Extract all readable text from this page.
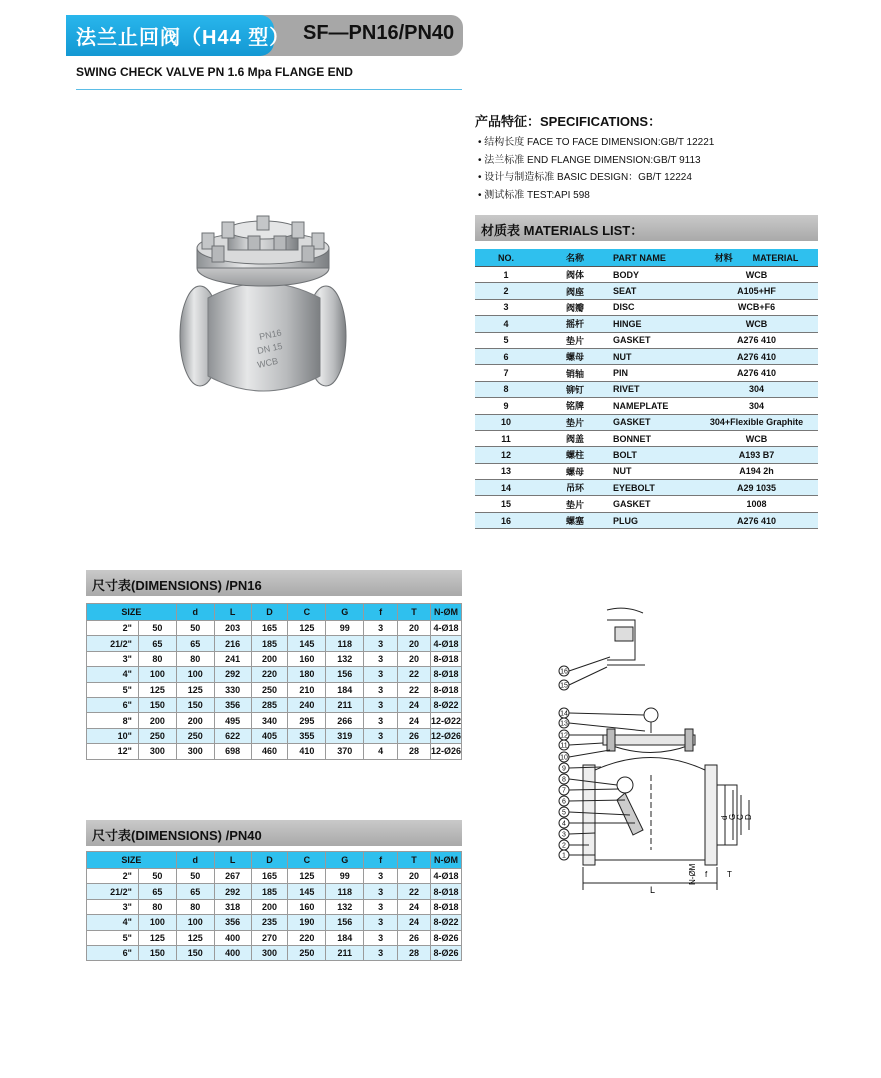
法兰止回阀（H44 型） SF—PN16/PN40
SWING CHECK VALVE PN 1.6 Mpa FLANGE END
PN16
DN 15
WCB
产品特征：SPECIFICATIONS：
• 结构长度 FACE TO FACE DIMENSION:GB/T 12221
• 法兰标准 END FLANGE DIMENSION:GB/T 9113
• 设计与制造标准 BASIC DESIGN：GB/T 12224
• 测试标准 TEST:API 598
材质表 MATERIALS LIST：
NO.	名称	PART NAME	材料 MATERIAL
1	阀体	BODY	WCB
2	阀座	SEAT	A105+HF
3	阀瓣	DISC	WCB+F6
4	摇杆	HINGE	WCB
5	垫片	GASKET	A276 410
6	螺母	NUT	A276 410
7	销轴	PIN	A276 410
8	铆钉	RIVET	304
9	铭牌	NAMEPLATE	304
10	垫片	GASKET	304+Flexible Graphite
11	阀盖	BONNET	WCB
12	螺柱	BOLT	A193 B7
13	螺母	NUT	A194 2h
14	吊环	EYEBOLT	A29 1035
15	垫片	GASKET	1008
16	螺塞	PLUG	A276 410
尺寸表(DIMENSIONS) /PN16
SIZE		d	L	D	C	G	f	T	N-ØM
2"	50	50	203	165	125	99	3	20	4-Ø18
21/2"	65	65	216	185	145	118	3	20	4-Ø18
3"	80	80	241	200	160	132	3	20	8-Ø18
4"	100	100	292	220	180	156	3	22	8-Ø18
5"	125	125	330	250	210	184	3	22	8-Ø18
6"	150	150	356	285	240	211	3	24	8-Ø22
8"	200	200	495	340	295	266	3	24	12-Ø22
10"	250	250	622	405	355	319	3	26	12-Ø26
12"	300	300	698	460	410	370	4	28	12-Ø26
尺寸表(DIMENSIONS) /PN40
SIZE		d	L	D	C	G	f	T	N-ØM
2"	50	50	267	165	125	99	3	20	4-Ø18
21/2"	65	65	292	185	145	118	3	22	8-Ø18
3"	80	80	318	200	160	132	3	24	8-Ø18
4"	100	100	356	235	190	156	3	24	8-Ø22
5"	125	125	400	270	220	184	3	26	8-Ø26
6"	150	150	400	300	250	211	3	28	8-Ø26
16
15
14
13
12
11
10
9
8
7
6
5
4
3
2
1
L
N-ØM f T
d G C D
